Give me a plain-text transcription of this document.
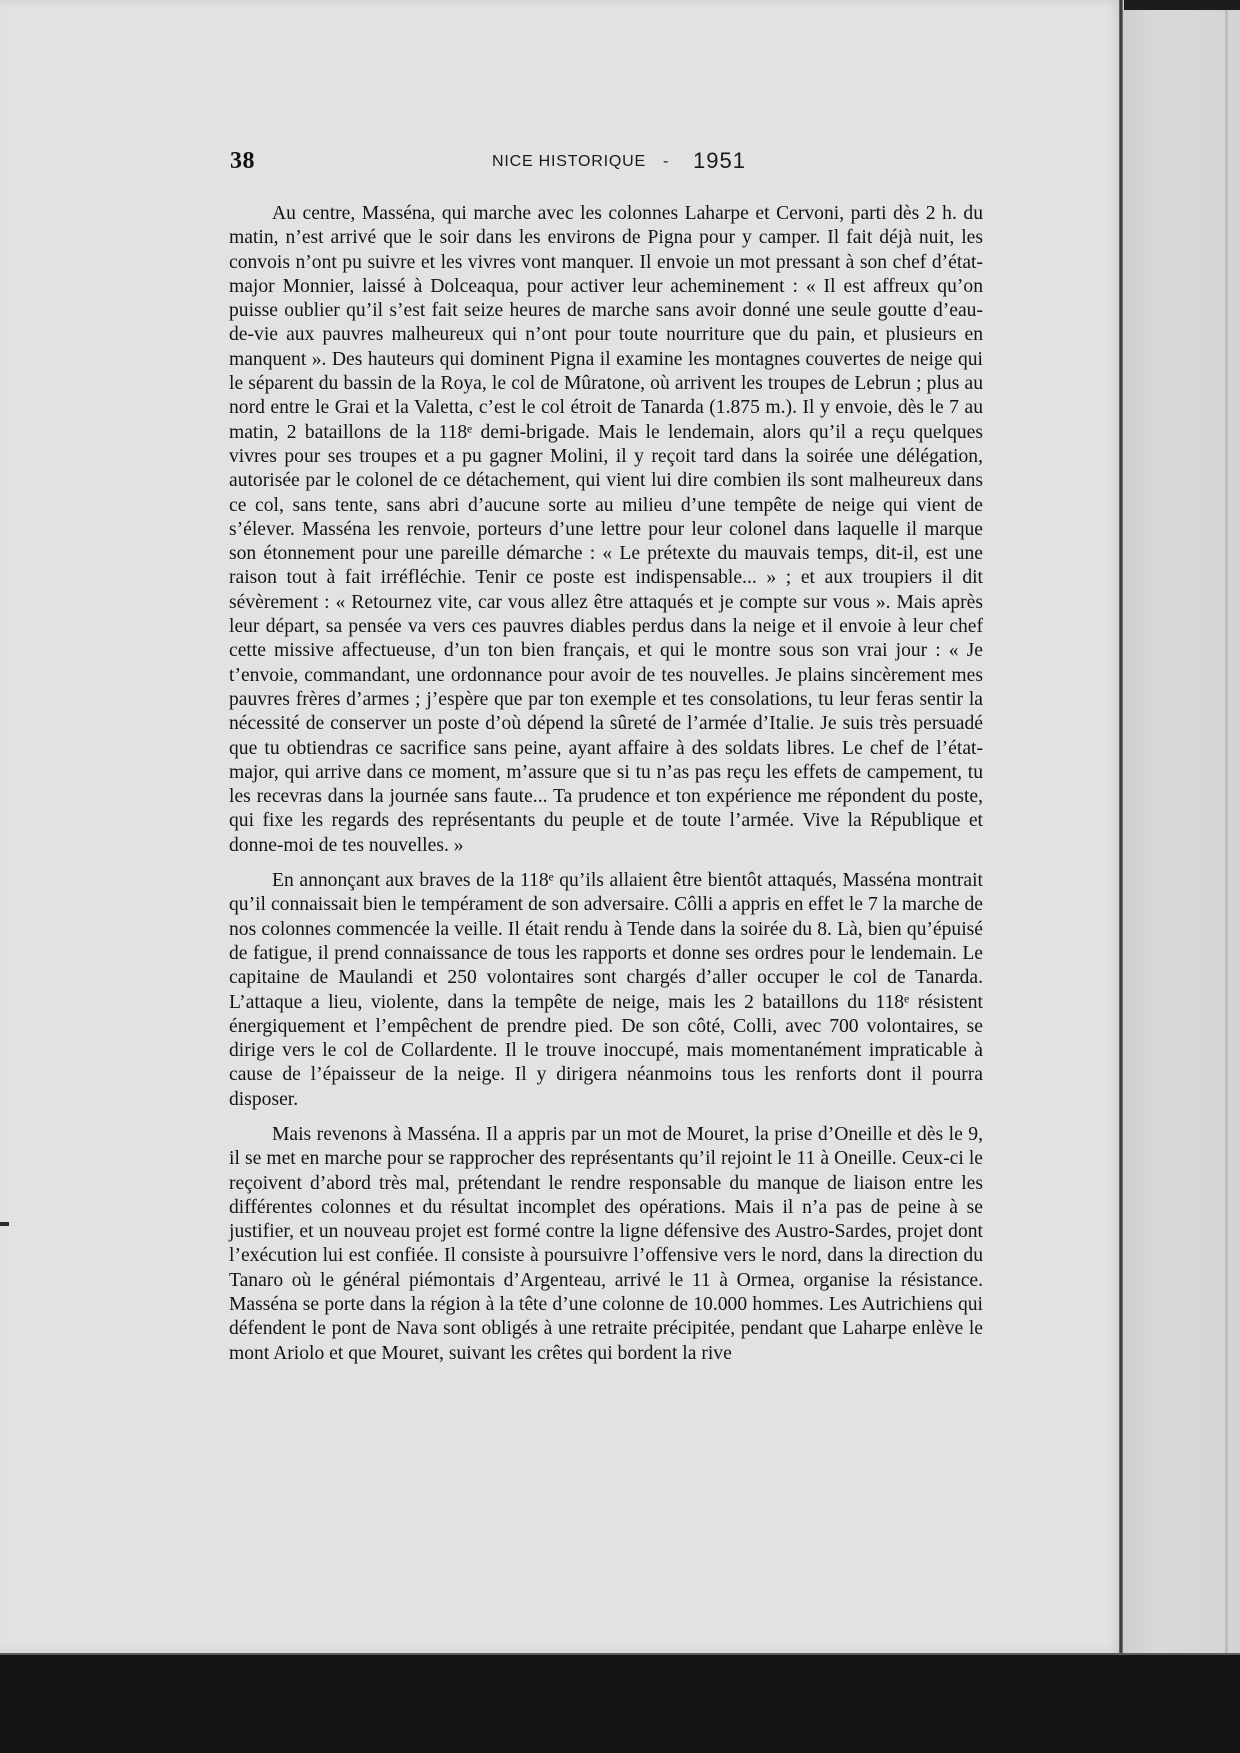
38	NICE HISTORIQUE - 1951

Au centre, Masséna, qui marche avec les colonnes Laharpe et Cervoni, parti dès 2 h. du matin, n’est arrivé que le soir dans les environs de Pigna pour y camper. Il fait déjà nuit, les convois n’ont pu suivre et les vivres vont manquer. Il envoie un mot pressant à son chef d’état-major Monnier, laissé à Dolceaqua, pour activer leur acheminement : « Il est affreux qu’on puisse oublier qu’il s’est fait seize heures de marche sans avoir donné une seule goutte d’eau-de-vie aux pauvres malheureux qui n’ont pour toute nourriture que du pain, et plusieurs en manquent ». Des hauteurs qui dominent Pigna il examine les montagnes couvertes de neige qui le séparent du bassin de la Roya, le col de Mûratone, où arrivent les troupes de Lebrun ; plus au nord entre le Grai et la Valetta, c’est le col étroit de Tanarda (1.875 m.). Il y envoie, dès le 7 au matin, 2 bataillons de la 118ᵉ demi-brigade. Mais le lendemain, alors qu’il a reçu quelques vivres pour ses troupes et a pu gagner Molini, il y reçoit tard dans la soirée une délégation, autorisée par le colonel de ce détachement, qui vient lui dire combien ils sont malheureux dans ce col, sans tente, sans abri d’aucune sorte au milieu d’une tempête de neige qui vient de s’élever. Masséna les renvoie, porteurs d’une lettre pour leur colonel dans laquelle il marque son étonnement pour une pareille démarche : « Le prétexte du mauvais temps, dit-il, est une raison tout à fait irréfléchie. Tenir ce poste est indispensable... » ; et aux troupiers il dit sévèrement : « Retournez vite, car vous allez être attaqués et je compte sur vous ». Mais après leur départ, sa pensée va vers ces pauvres diables perdus dans la neige et il envoie à leur chef cette missive affectueuse, d’un ton bien français, et qui le montre sous son vrai jour : « Je t’envoie, commandant, une ordonnance pour avoir de tes nouvelles. Je plains sincèrement mes pauvres frères d’armes ; j’espère que par ton exemple et tes consolations, tu leur feras sentir la nécessité de conserver un poste d’où dépend la sûreté de l’armée d’Italie. Je suis très persuadé que tu obtiendras ce sacrifice sans peine, ayant affaire à des soldats libres. Le chef de l’état-major, qui arrive dans ce moment, m’assure que si tu n’as pas reçu les effets de campement, tu les recevras dans la journée sans faute... Ta prudence et ton expérience me répondent du poste, qui fixe les regards des représentants du peuple et de toute l’armée. Vive la République et donne-moi de tes nouvelles. »

En annonçant aux braves de la 118ᵉ qu’ils allaient être bientôt attaqués, Masséna montrait qu’il connaissait bien le tempérament de son adversaire. Côlli a appris en effet le 7 la marche de nos colonnes commencée la veille. Il était rendu à Tende dans la soirée du 8. Là, bien qu’épuisé de fatigue, il prend connaissance de tous les rapports et donne ses ordres pour le lendemain. Le capitaine de Maulandi et 250 volontaires sont chargés d’aller occuper le col de Tanarda. L’attaque a lieu, violente, dans la tempête de neige, mais les 2 bataillons du 118ᵉ résistent énergiquement et l’empêchent de prendre pied. De son côté, Colli, avec 700 volontaires, se dirige vers le col de Collardente. Il le trouve inoccupé, mais momentanément impraticable à cause de l’épaisseur de la neige. Il y dirigera néanmoins tous les renforts dont il pourra disposer.

Mais revenons à Masséna. Il a appris par un mot de Mouret, la prise d’Oneille et dès le 9, il se met en marche pour se rapprocher des représentants qu’il rejoint le 11 à Oneille. Ceux-ci le reçoivent d’abord très mal, prétendant le rendre responsable du manque de liaison entre les différentes colonnes et du résultat incomplet des opérations. Mais il n’a pas de peine à se justifier, et un nouveau projet est formé contre la ligne défensive des Austro-Sardes, projet dont l’exécution lui est confiée. Il consiste à poursuivre l’offensive vers le nord, dans la direction du Tanaro où le général piémontais d’Argenteau, arrivé le 11 à Ormea, organise la résistance. Masséna se porte dans la région à la tête d’une colonne de 10.000 hommes. Les Autrichiens qui défendent le pont de Nava sont obligés à une retraite précipitée, pendant que Laharpe enlève le mont Ariolo et que Mouret, suivant les crêtes qui bordent la rive
